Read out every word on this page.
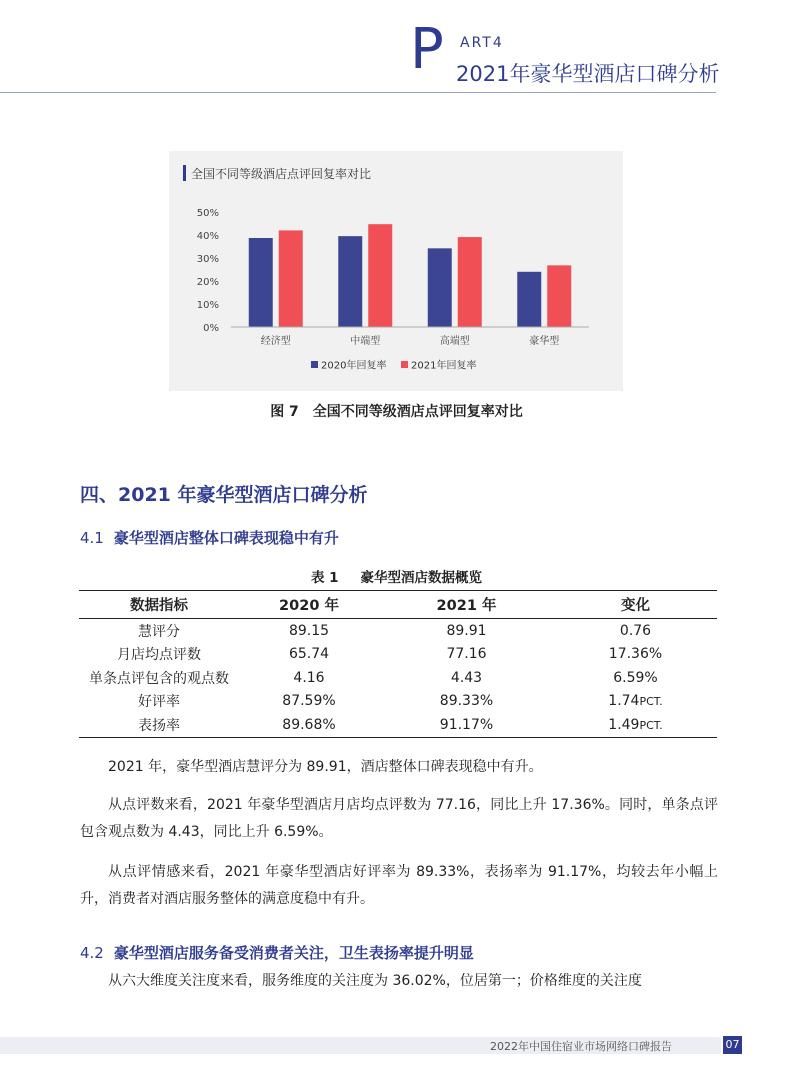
P ART4
2021年豪华型酒店口碑分析
全国不同等级酒店点评回复率对比
0%
10%
20%
30%
40%
50%
经济型	中端型	高端型	豪华型
2020年回复率 2021年回复率
图 7　全国不同等级酒店点评回复率对比
四、2021 年豪华型酒店口碑分析
4.1 豪华型酒店整体口碑表现稳中有升
表 1 豪华型酒店数据概览
数据指标	2020 年	2021 年	变化
慧评分	89.15	89.91	0.76
月店均点评数	65.74	77.16	17.36%
单条点评包含的观点数	4.16	4.43	6.59%
好评率	87.59%	89.33%	1.74PCT.
表扬率	89.68%	91.17%	1.49PCT.
2021 年，豪华型酒店慧评分为 89.91，酒店整体口碑表现稳中有升。
从点评数来看，2021 年豪华型酒店月店均点评数为 77.16，同比上升 17.36%。同时，单条点评包含观点数为 4.43，同比上升 6.59%。
从点评情感来看，2021 年豪华型酒店好评率为 89.33%，表扬率为 91.17%，均较去年小幅上升，消费者对酒店服务整体的满意度稳中有升。
4.2 豪华型酒店服务备受消费者关注，卫生表扬率提升明显
从六大维度关注度来看，服务维度的关注度为 36.02%，位居第一；价格维度的关注度
2022年中国住宿业市场网络口碑报告	07
